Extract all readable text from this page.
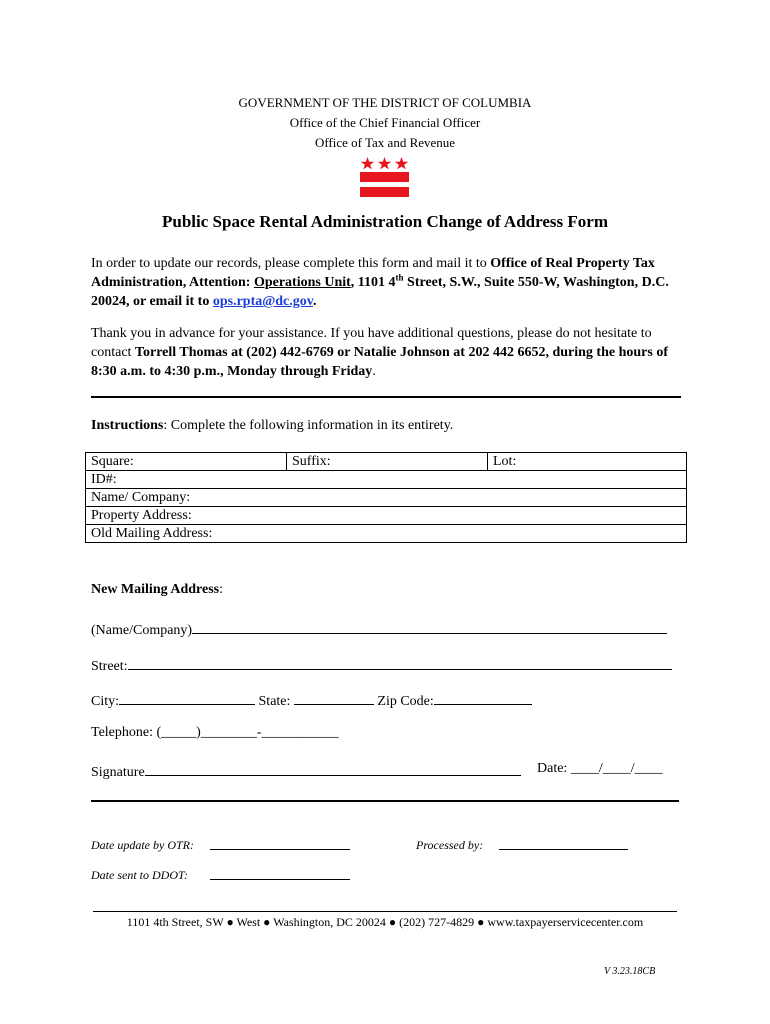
GOVERNMENT OF THE DISTRICT OF COLUMBIA
Office of the Chief Financial Officer
Office of Tax and Revenue
Public Space Rental Administration Change of Address Form
In order to update our records, please complete this form and mail it to Office of Real Property Tax Administration, Attention: Operations Unit, 1101 4th Street, S.W., Suite 550-W, Washington, D.C. 20024, or email it to ops.rpta@dc.gov.
Thank you in advance for your assistance. If you have additional questions, please do not hesitate to contact Torrell Thomas at (202) 442-6769 or Natalie Johnson at 202 442 6652, during the hours of 8:30 a.m. to 4:30 p.m., Monday through Friday.
Instructions: Complete the following information in its entirety.
Square:	Suffix:	Lot:
ID#:
Name/ Company:
Property Address:
Old Mailing Address:
New Mailing Address:
(Name/Company)
Street:
City:	State:	Zip Code:
Telephone: (_____)________-___________
Signature	Date: ____/____/____
Date update by OTR:	Processed by:
Date sent to DDOT:
1101 4th Street, SW ● West ● Washington, DC 20024 ● (202) 727-4829 ● www.taxpayerservicecenter.com
V 3.23.18CB
